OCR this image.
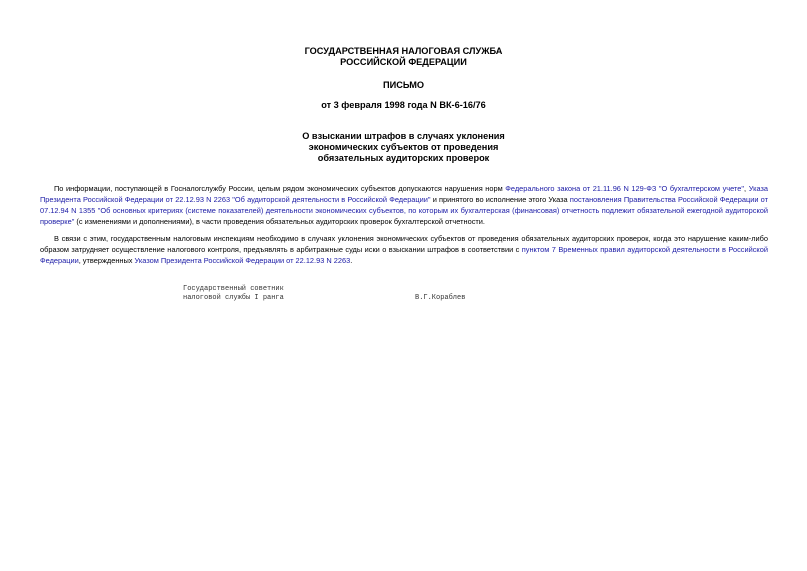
ГОСУДАРСТВЕННАЯ НАЛОГОВАЯ СЛУЖБА
РОССИЙСКОЙ ФЕДЕРАЦИИ
ПИСЬМО
от 3 февраля 1998 года N ВК-6-16/76
О взыскании штрафов в случаях уклонения
экономических субъектов от проведения
обязательных аудиторских проверок
По информации, поступающей в Госналогслужбу России, целым рядом экономических субъектов допускаются нарушения норм Федерального закона от 21.11.96 N 129-ФЗ "О бухгалтерском учете", Указа Президента Российской Федерации от 22.12.93 N 2263 "Об аудиторской деятельности в Российской Федерации" и принятого во исполнение этого Указа постановления Правительства Российской Федерации от 07.12.94 N 1355 "Об основных критериях (системе показателей) деятельности экономических субъектов, по которым их бухгалтерская (финансовая) отчетность подлежит обязательной ежегодной аудиторской проверке" (с изменениями и дополнениями), в части проведения обязательных аудиторских проверок бухгалтерской отчетности.
В связи с этим, государственным налоговым инспекциям необходимо в случаях уклонения экономических субъектов от проведения обязательных аудиторских проверок, когда это нарушение каким-либо образом затрудняет осуществление налогового контроля, предъявлять в арбитражные суды иски о взыскании штрафов в соответствии с пунктом 7 Временных правил аудиторской деятельности в Российской Федерации, утвержденных Указом Президента Российской Федерации от 22.12.93 N 2263.
Государственный советник
налоговой службы I ранга	В.Г.Кораблев
